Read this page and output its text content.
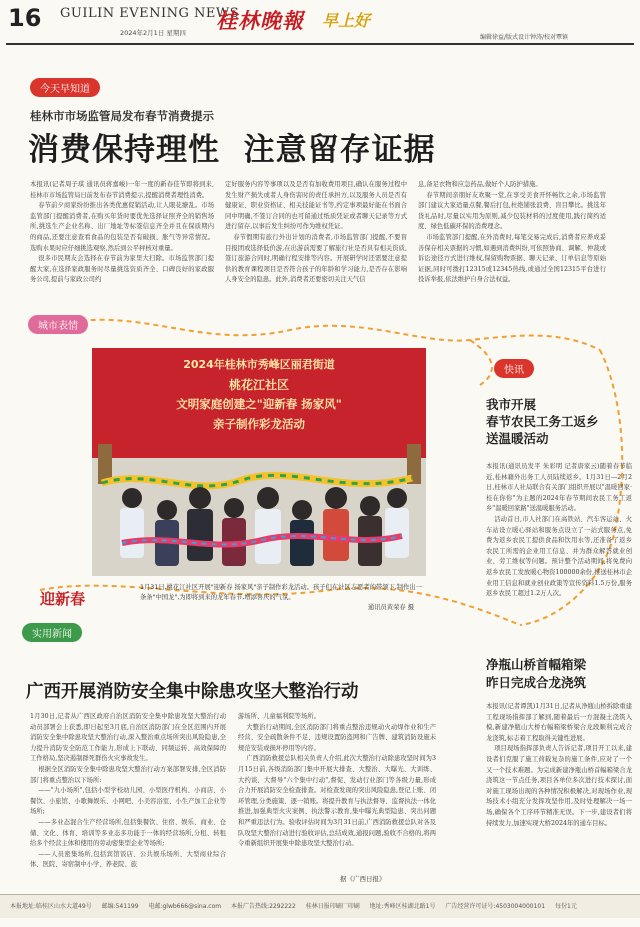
16 GUILIN EVENING NEWS
2024年2月1日 星期四 桂林晚報 早上好
编辑徐益/版式设计钟涛/校对覃镇
今天早知道
桂林市市场监管局发布春节消费提示
消费保持理性  注意留存证据

本报讯(记者周子琪 通讯员蒋嘉峻)一年一度的新春佳节即将到来,桂林市市场监管局日前发布春节消费提示,提醒消费者理性消费。

春节前夕商家纷纷推出各类优惠促销活动,让人眼花缭乱。市场监管部门提醒消费者,在购买年货时要优先选择证照齐全的销售场所,挑选生产企业名称、出厂地址等标签信息齐全并且在保质期内的商品,还要注意查看食品的包装是否有破损、胀气等异常情况。选购水果时应仔细挑选观察,然后到公平秤核对重量。

很多市民期友会选择在春节前为家里大扫除。市场监管部门提醒大家,在选择家政服务时尽量挑选资质齐全、口碑良好的家政服务公司,提前与家政公司约

定好服务内容等事项以及是否有加收费用项目,确认在服务过程中发生财产损失或者人身伤害时的责任承担方,以及服务人员是否有健康证、职业资格证、相关技能证书等,约定事项最好能在书面合同中明确,不签订合同的也可留通过纸质凭证或者聊天记录等方式进行留存,以事后发生纠纷可作为维权凭证。

春节假期有旅行外出计划的消费者,市场监管部门提醒,不要盲目报团或选择低价游,在出游前需要了解旅行社是否具有相关资质,签订旅游合同时,明确行程安排等内容。开展研学时还需要注意提供的教育课程项目是否符合孩子的年龄和学习能力,是否存在影响人身安全的隐患。此外,消费者还要密切关注天气信

息,备足衣物和应急药品,做好个人防护措施。

春节期间亲朋好友欢聚一堂,在享受美食开怀畅饮之余,市场监管部门建议大家适量点餐,餐后打包,杜绝铺张浪费、盲目攀比。挑选年货礼品时,尽量以实用为原则,减少包装材料的过度使用,践行简约适度、绿色低碳环保的消费理念。

市场监管部门提醒,在外消费时,每笔交易完成后,消费者应养成妥善保存相关票据的习惯,如遇到消费纠纷,可依照协商、调解、仲裁或诉讼途径方式进行维权,保留购物票据、聊天记录、订单信息等原始证据,同时可拨打12315或12345热线,或通过全国12315平台进行投诉举报,依法维护自身合法权益。

城市表情
2024年桂林市秀峰区丽君街道
桃花江社区
文明家庭创建之"迎新春 扬家风"
亲子制作彩龙活动
迎新春
1月31日,桃花江社区开展"迎新春 扬家风"亲子制作彩龙活动。孩子们在社区志愿者的带领下,制作出一条条"中国龙",为即将到来的龙年春节,增添喜庆的气氛。
通讯员黄荣春 摄
快讯
我市开展
春节农民工务工返乡
送温暖活动

本报讯(通讯员发平 朱彩明 记者唐家云)随着春节临近,桂林籍外出务工人员陆续返乡。1月31日—2月2日,桂林市人社局联合有关部门组织开展以"温暖回家·桂在你你"为主题的2024年春节期间农民工务工返乡"温暖回家路"送温暖服务活动。

活动首日,市人社部门在高铁站、汽车客运站、火车站设立暖心驿站和服务点设立了一站式服务点,免费为返乡农民工提供食品和饮用水等,还准备了返乡农民工所需的企业用工信息、并为群众解答就业创业、劳工维权等问题。预计整个活动期间,将免费向返乡农民工发放暖心物资100000余份,推送桂林市企业用工信息和就业创业政策等宣传资料1.5万份,服务返乡农民工超过1.2万人次。

净瓶山桥首幅箱梁
昨日完成合龙浇筑

本报讯(记者谭凯)1月31日,记者从净瓶山桥拆除重建工程现场指挥部了解到,随着最后一方混凝土浇筑入模,新建净瓶山大桥右幅箱梁桥梁合龙段顺利完成合龙浇筑,标志着工程取得关键性进展。

项目现场指挥部负责人告诉记者,项目开工以来,建设者们克服了施工荷载复杂的施工条件,应对了一个又一个技术难题。为完成新建净瓶山桥首幅箱梁合龙浇筑这一节点任务,项目各单位多次进行技术探讨,面对施工现场出现的各种情况积极解决,对现场作业,现场技术小组充分发挥攻坚作用,及时处理解决一场一场,确保各个工序环节精准无误。下一步,建设者们将持续发力,加速实现大桥2024年的通车目标。

实用新闻
广西开展消防安全集中除患攻坚大整治行动

1月30日,记者从广西区政府自治区消防安全集中除患攻坚大整治行动动员部署会上获悉,即日起至3月底,自治区消防部门在全区范围内开展消防安全集中除患攻坚大整治行动,深入整治重点场所突出风险隐患,全力提升消防安全防范工作能力,形成上下联动、同频运转、高效保障的工作格局,坚决遏制群死群伤火灾事故发生。

根据全区消防安全集中除患攻坚大整治行动方案部署安排,全区消防部门将重点整治以下场所:

——"九小场所",包括小型学校幼儿园、小型医疗机构、小商店、小餐饮、小旅馆、小歌舞娱乐、小网吧、小美容浴室、小生产加工企业等场所;

——多业态混合生产经营场所,包括集餐饮、住宿、娱乐、商业、仓储、文化、体育、培训等多业态多功能于一体的经营场所,分租、转租给多个经营主体和使用的劳动密集型企业等场所;

——人员密集场所,包括宾馆饭店、公共娱乐场所、大型商业综合体、医院、寄宿制中小学、养老院、旅

游场所、儿童福利院等场所。

大整治行动期间,全区消防部门将重点整治违规动火动焊作业和生产经营、安全疏散条件不足、违规设置防盗网和广告牌、建筑消防设施未规范安装或损坏停用等内容。

广西消防救援总队相关负责人介绍,此次大整治行动除患攻坚时间为3月15日前,各级消防部门集中开展大排查、大整治、大曝光、大训练、大约谈、大督导"六个集中行动",督促、发动行业部门等各级力量,形成合力开展消防安全检查排查。对检查发现的突出风险隐患,登记上账、闭环管理,分类施策、逐一销账。将提升教育与执法督导、监督执法一体化推进,加强典型火灾案例、执法警示教育,集中曝光典型隐患、突出问题和严重违法行为。验收评估时间为3月31日前,广西消防救援总队对各及队攻坚大整治行动进行验收评估,总结成效,通报问题,验收不合格的,将两令重新组织开展集中除患攻坚大整治行动。

据《广西日报》
本报地址:临桂区山水大道49号 邮编:541199 电邮:glwb666@sina.com 本报广告热线:2292222 桂林日报印刷厂印刷 地址:秀峰区桂湖北路1号 广告经营许可证号:4503004000101 每份1元
